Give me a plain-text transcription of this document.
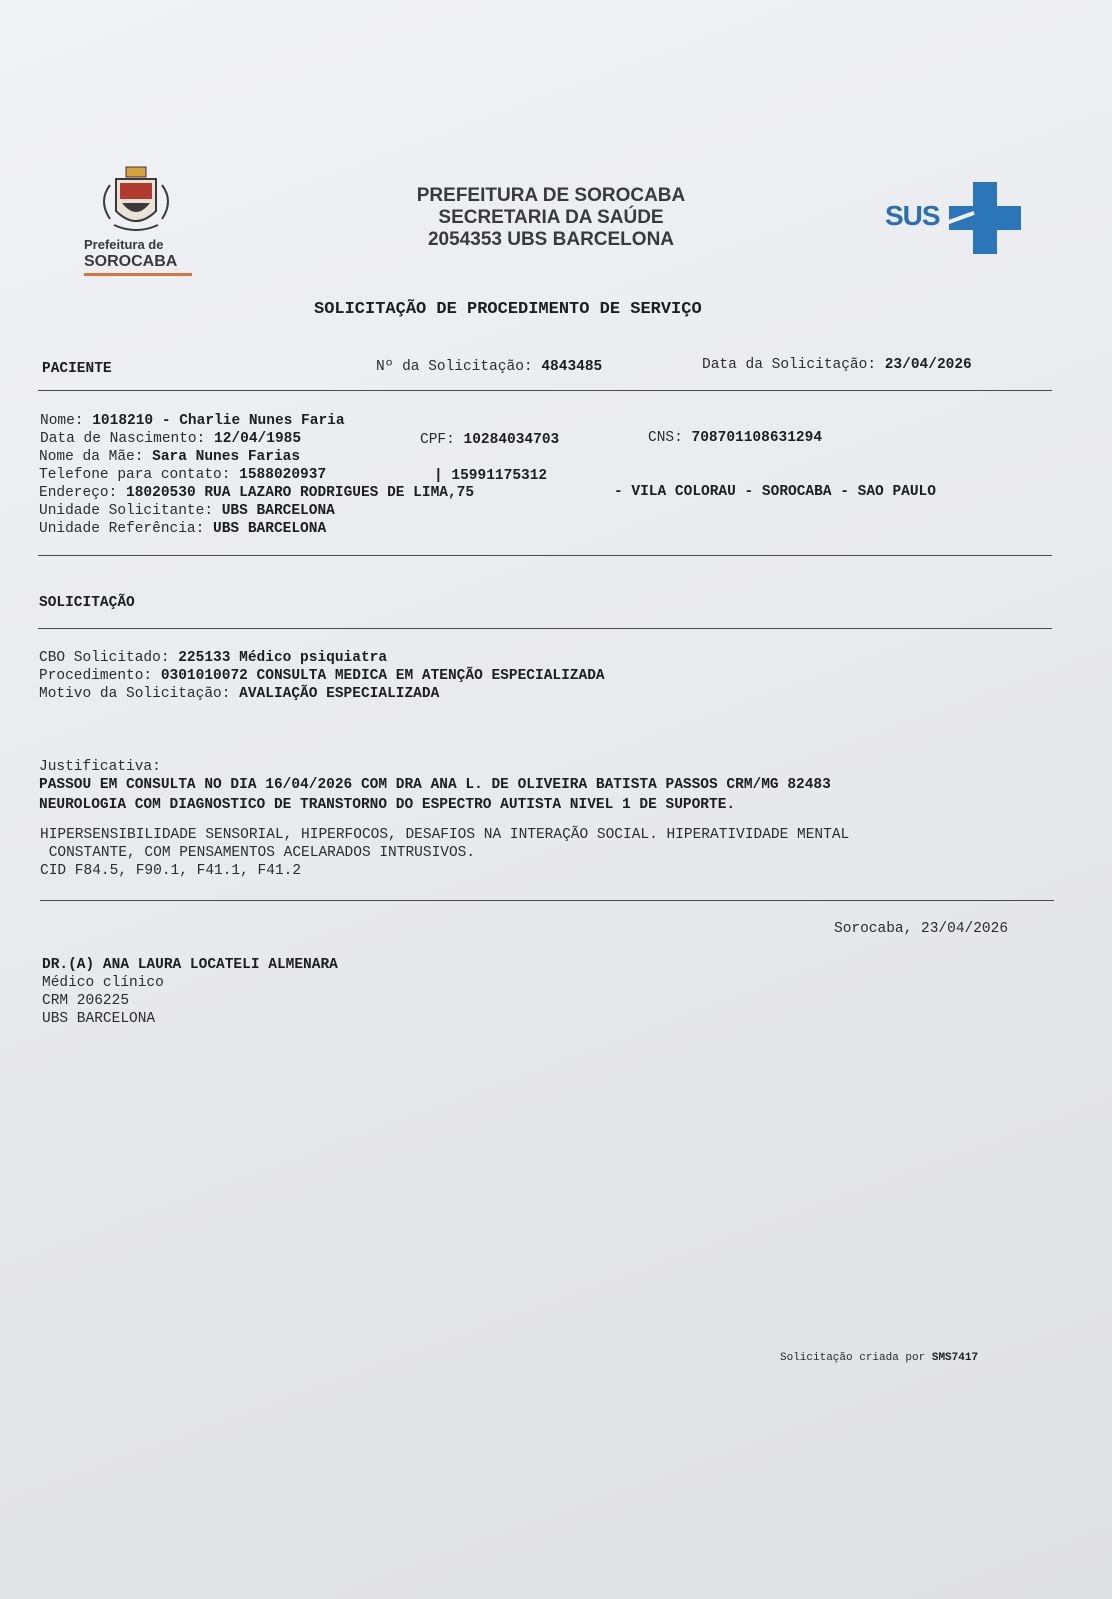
Prefeitura de
SOROCABA
PREFEITURA DE SOROCABA
SECRETARIA DA SAÚDE
2054353 UBS BARCELONA
SUS
SOLICITAÇÃO DE PROCEDIMENTO DE SERVIÇO
PACIENTE	Nº da Solicitação: 4843485	Data da Solicitação: 23/04/2026
Nome: 1018210 - Charlie Nunes Faria
Data de Nascimento: 12/04/1985	CPF: 10284034703	CNS: 708701108631294
Nome da Mãe: Sara Nunes Farias
Telefone para contato: 1588020937	| 15991175312
Endereço: 18020530 RUA LAZARO RODRIGUES DE LIMA,75	- VILA COLORAU - SOROCABA - SAO PAULO
Unidade Solicitante: UBS BARCELONA
Unidade Referência: UBS BARCELONA
SOLICITAÇÃO
CBO Solicitado: 225133 Médico psiquiatra
Procedimento: 0301010072 CONSULTA MEDICA EM ATENÇÃO ESPECIALIZADA
Motivo da Solicitação: AVALIAÇÃO ESPECIALIZADA
Justificativa:
PASSOU EM CONSULTA NO DIA 16/04/2026 COM DRA ANA L. DE OLIVEIRA BATISTA PASSOS CRM/MG 82483
NEUROLOGIA COM DIAGNOSTICO DE TRANSTORNO DO ESPECTRO AUTISTA NIVEL 1 DE SUPORTE.
HIPERSENSIBILIDADE SENSORIAL, HIPERFOCOS, DESAFIOS NA INTERAÇÃO SOCIAL. HIPERATIVIDADE MENTAL
CONSTANTE, COM PENSAMENTOS ACELARADOS INTRUSIVOS.
CID F84.5, F90.1, F41.1, F41.2
Sorocaba, 23/04/2026
DR.(A) ANA LAURA LOCATELI ALMENARA
Médico clínico
CRM 206225
UBS BARCELONA
Solicitação criada por SMS7417
